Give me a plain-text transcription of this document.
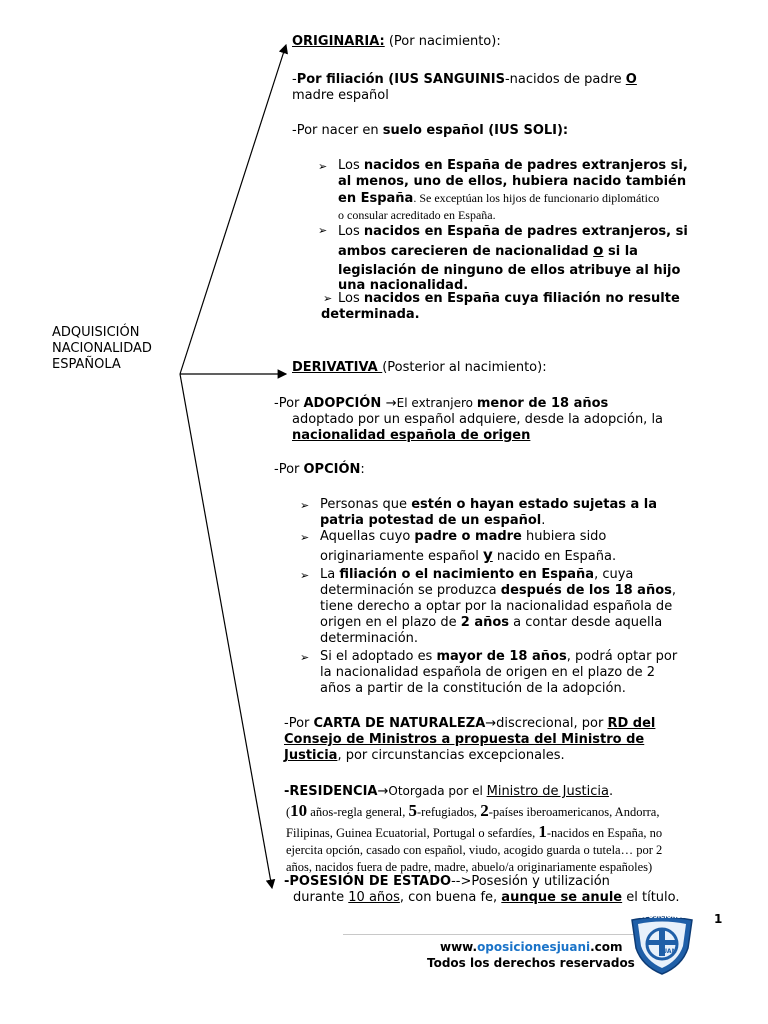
ADQUISICIÓN
NACIONALIDAD
ESPAÑOLA
ORIGINARIA: (Por nacimiento):
-Por filiación (IUS SANGUINIS-nacidos de padre O
madre español
-Por nacer en suelo español (IUS SOLI):
➢ Los nacidos en España de padres extranjeros si,
al menos, uno de ellos, hubiera nacido también
en España. Se exceptúan los hijos de funcionario diplomático
o consular acreditado en España.
➢ Los nacidos en España de padres extranjeros, si
ambos carecieren de nacionalidad o si la
legislación de ninguno de ellos atribuye al hijo
una nacionalidad.
➢ Los nacidos en España cuya filiación no resulte
determinada.
DERIVATIVA (Posterior al nacimiento):
-Por ADOPCIÓN →El extranjero menor de 18 años
adoptado por un español adquiere, desde la adopción, la
nacionalidad española de origen
-Por OPCIÓN:
➢ Personas que estén o hayan estado sujetas a la
patria potestad de un español.
➢ Aquellas cuyo padre o madre hubiera sido
originariamente español y nacido en España.
➢ La filiación o el nacimiento en España, cuya
determinación se produzca después de los 18 años,
tiene derecho a optar por la nacionalidad española de
origen en el plazo de 2 años a contar desde aquella
determinación.
➢ Si el adoptado es mayor de 18 años, podrá optar por
la nacionalidad española de origen en el plazo de 2
años a partir de la constitución de la adopción.
-Por CARTA DE NATURALEZA→discrecional, por RD del
Consejo de Ministros a propuesta del Ministro de
Justicia, por circunstancias excepcionales.
-RESIDENCIA→Otorgada por el Ministro de Justicia.
(10 años-regla general, 5-refugiados, 2-países iberoamericanos, Andorra,
Filipinas, Guinea Ecuatorial, Portugal o sefardíes, 1-nacidos en España, no
ejercita opción, casado con español, viudo, acogido guarda o tutela… por 2
años, nacidos fuera de padre, madre, abuelo/a originariamente españoles)
-POSESIÓN DE ESTADO-->Posesión y utilización
durante 10 años, con buena fe, aunque se anule el título.
1
www.oposicionesjuani.com
Todos los derechos reservados
OPOSICIONES
JUAN
